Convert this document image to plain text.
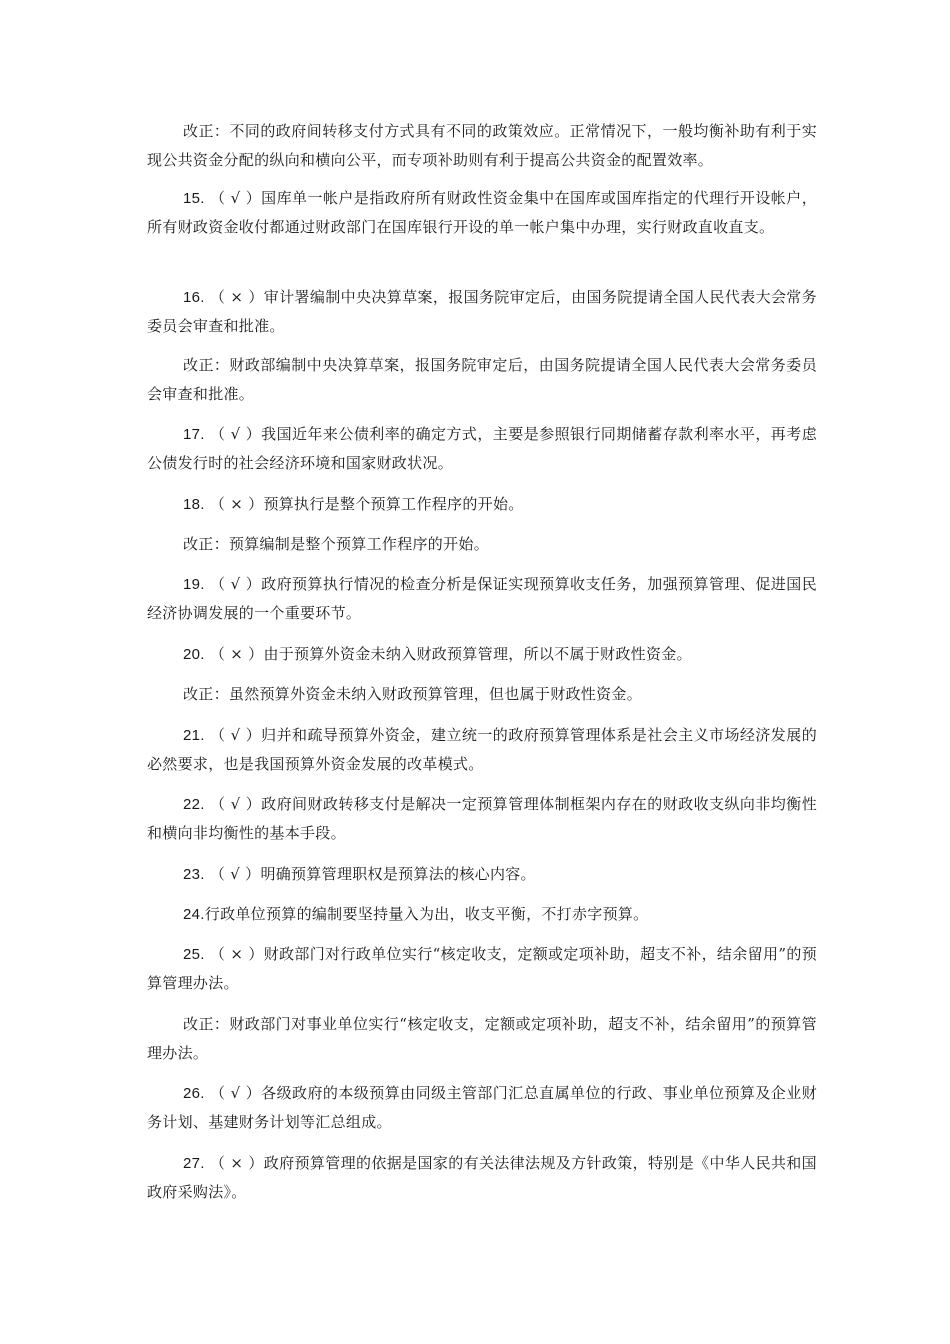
改正：不同的政府间转移支付方式具有不同的政策效应。正常情况下，一般均衡补助有利于实现公共资金分配的纵向和横向公平，而专项补助则有利于提高公共资金的配置效率。

15. （ √ ）国库单一帐户是指政府所有财政性资金集中在国库或国库指定的代理行开设帐户，所有财政资金收付都通过财政部门在国库银行开设的单一帐户集中办理，实行财政直收直支。

16. （ × ）审计署编制中央决算草案，报国务院审定后，由国务院提请全国人民代表大会常务委员会审查和批准。

改正：财政部编制中央决算草案，报国务院审定后，由国务院提请全国人民代表大会常务委员会审查和批准。

17. （ √ ）我国近年来公债利率的确定方式，主要是参照银行同期储蓄存款利率水平，再考虑公债发行时的社会经济环境和国家财政状况。

18. （ × ）预算执行是整个预算工作程序的开始。

改正：预算编制是整个预算工作程序的开始。

19. （ √ ）政府预算执行情况的检查分析是保证实现预算收支任务，加强预算管理、促进国民经济协调发展的一个重要环节。

20. （ × ）由于预算外资金未纳入财政预算管理，所以不属于财政性资金。

改正：虽然预算外资金未纳入财政预算管理，但也属于财政性资金。

21. （ √ ）归并和疏导预算外资金，建立统一的政府预算管理体系是社会主义市场经济发展的必然要求，也是我国预算外资金发展的改革模式。

22. （ √ ）政府间财政转移支付是解决一定预算管理体制框架内存在的财政收支纵向非均衡性和横向非均衡性的基本手段。

23. （ √ ）明确预算管理职权是预算法的核心内容。

24.行政单位预算的编制要坚持量入为出，收支平衡，不打赤字预算。

25. （ × ）财政部门对行政单位实行“核定收支，定额或定项补助，超支不补，结余留用”的预算管理办法。

改正：财政部门对事业单位实行“核定收支，定额或定项补助，超支不补，结余留用”的预算管理办法。

26. （ √ ）各级政府的本级预算由同级主管部门汇总直属单位的行政、事业单位预算及企业财务计划、基建财务计划等汇总组成。

27. （ × ）政府预算管理的依据是国家的有关法律法规及方针政策，特别是《中华人民共和国政府采购法》。
